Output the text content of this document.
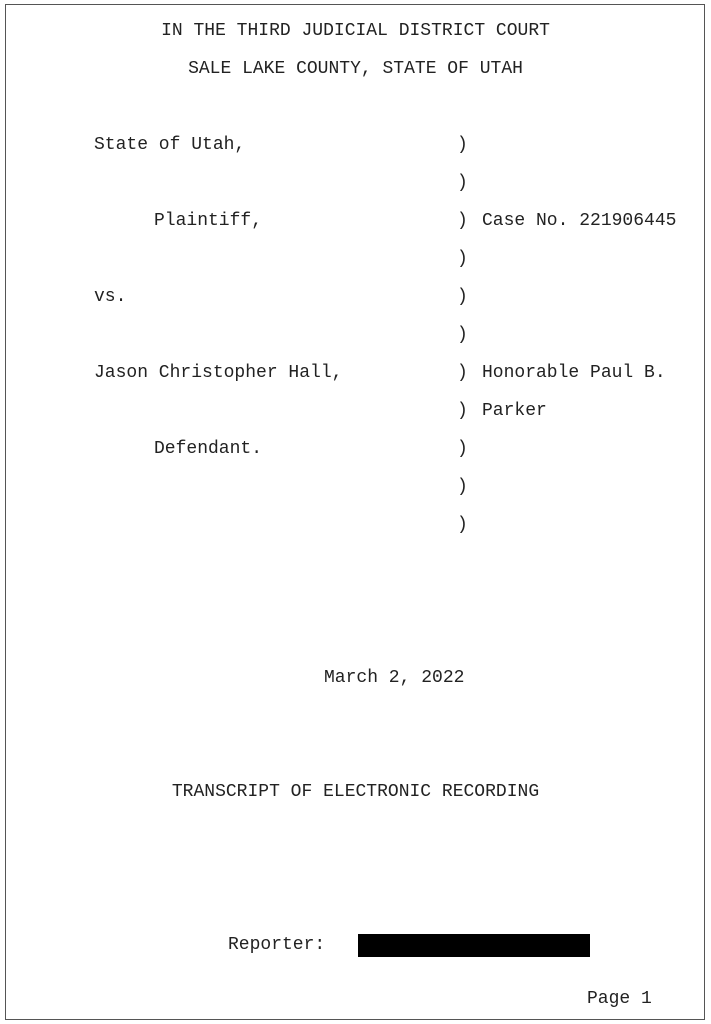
IN THE THIRD JUDICIAL DISTRICT COURT
SALE LAKE COUNTY, STATE OF UTAH
State of Utah,
Plaintiff,
vs.
Jason Christopher Hall,
Defendant.
)
)
)
)
)
)
)
)
)
)
)
Case No. 221906445
Honorable Paul B.
Parker
March 2, 2022
TRANSCRIPT OF ELECTRONIC RECORDING
Reporter:
Page 1
